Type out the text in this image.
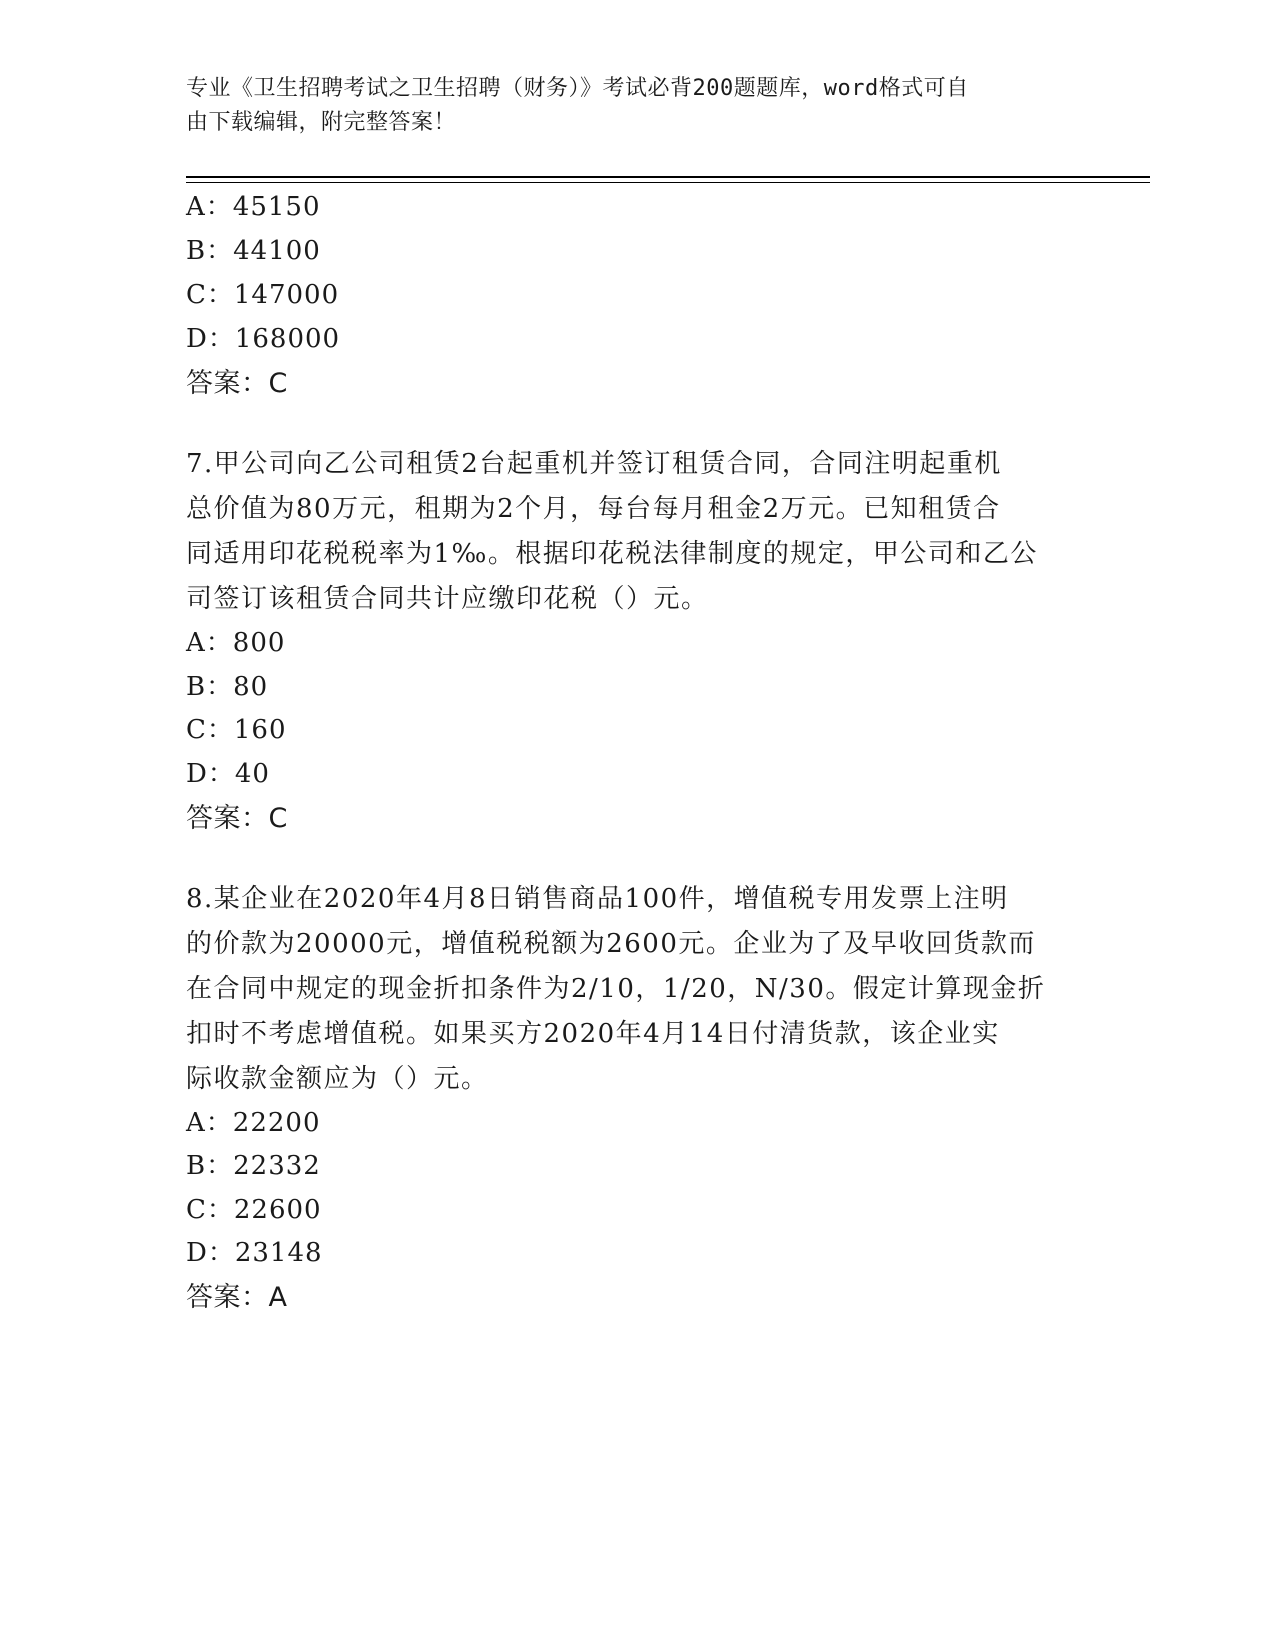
专业《卫生招聘考试之卫生招聘（财务）》考试必背200题题库，word格式可自
由下载编辑，附完整答案！
A：45150
B：44100
C：147000
D：168000
答案：C
7.甲公司向乙公司租赁2台起重机并签订租赁合同，合同注明起重机
总价值为80万元，租期为2个月，每台每月租金2万元。已知租赁合
同适用印花税税率为1‰。根据印花税法律制度的规定，甲公司和乙公
司签订该租赁合同共计应缴印花税（）元。
A：800
B：80
C：160
D：40
答案：C
8.某企业在2020年4月8日销售商品100件，增值税专用发票上注明
的价款为20000元，增值税税额为2600元。企业为了及早收回货款而
在合同中规定的现金折扣条件为2/10，1/20，N/30。假定计算现金折
扣时不考虑增值税。如果买方2020年4月14日付清货款，该企业实
际收款金额应为（）元。
A：22200
B：22332
C：22600
D：23148
答案：A
